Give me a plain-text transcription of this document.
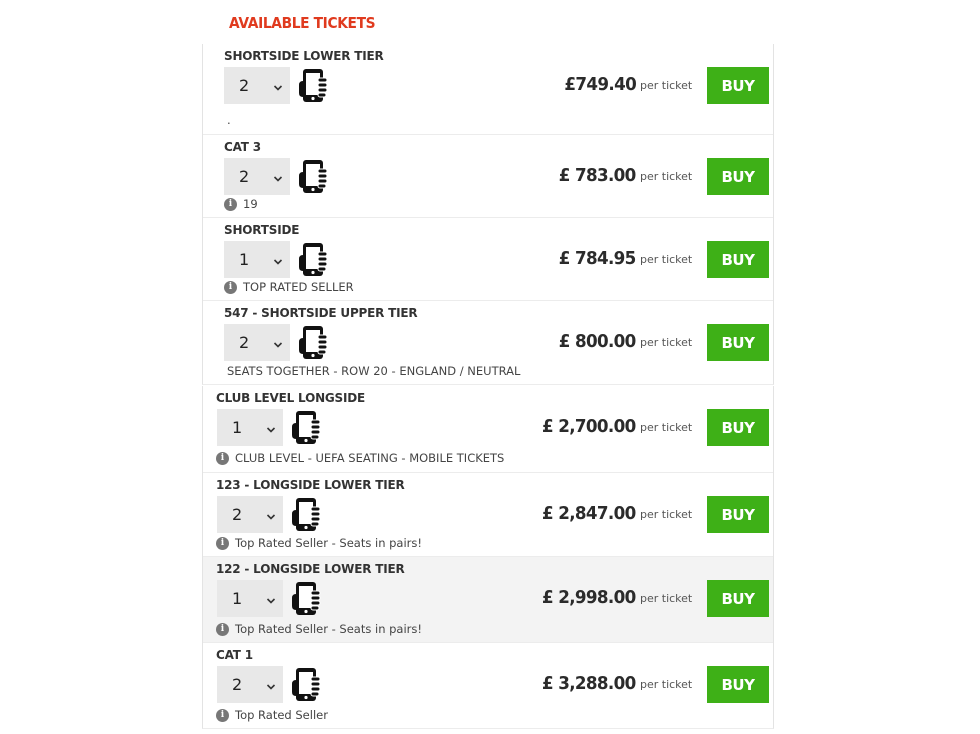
AVAILABLE TICKETS
SHORTSIDE LOWER TIER
2	£749.40 per ticket	BUY
.
CAT 3
2	£ 783.00 per ticket	BUY
i 19
SHORTSIDE
1	£ 784.95 per ticket	BUY
i TOP RATED SELLER
547 - SHORTSIDE UPPER TIER
2	£ 800.00 per ticket	BUY
SEATS TOGETHER - ROW 20 - ENGLAND / NEUTRAL
CLUB LEVEL LONGSIDE
1	£ 2,700.00 per ticket	BUY
i CLUB LEVEL - UEFA SEATING - MOBILE TICKETS
123 - LONGSIDE LOWER TIER
2	£ 2,847.00 per ticket	BUY
i Top Rated Seller - Seats in pairs!
122 - LONGSIDE LOWER TIER
1	£ 2,998.00 per ticket	BUY
i Top Rated Seller - Seats in pairs!
CAT 1
2	£ 3,288.00 per ticket	BUY
i Top Rated Seller
